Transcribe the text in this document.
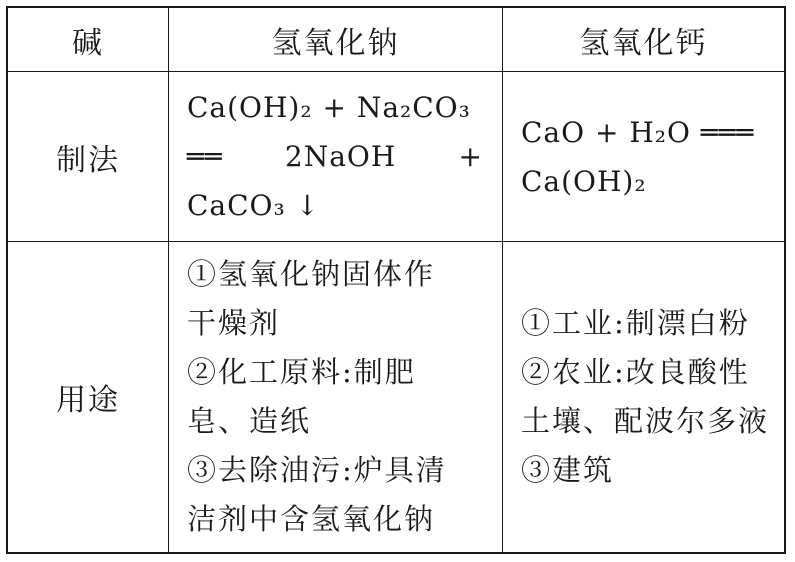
碱	氢氧化钠	氢氧化钙
制法
Ca(OH)₂ + Na₂CO₃
══ 2NaOH +
CaCO₃ ↓
CaO + H₂O ═══
Ca(OH)₂
用途
①氢氧化钠固体作
干燥剂
②化工原料:制肥
皂、造纸
③去除油污:炉具清
洁剂中含氢氧化钠
①工业:制漂白粉
②农业:改良酸性
土壤、配波尔多液
③建筑
